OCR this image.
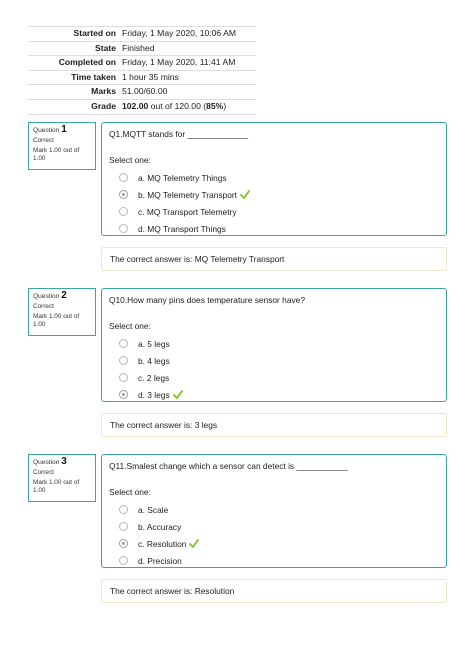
Started on Friday, 1 May 2020, 10:06 AM
State Finished
Completed on Friday, 1 May 2020, 11:41 AM
Time taken 1 hour 35 mins
Marks 51.00/60.00
Grade 102.00 out of 120.00 (85%)
Question 1
Correct
Mark 1.00 out of 1.00
Q1.MQTT stands for _____________
Select one:
a. MQ Telemetry Things
b. MQ Telemetry Transport
c. MQ Transport Telemetry
d. MQ Transport Things
The correct answer is: MQ Telemetry Transport
Question 2
Correct
Mark 1.00 out of 1.00
Q10.How many pins does temperature sensor have?
Select one:
a. 5 legs
b. 4 legs
c. 2 legs
d. 3 legs
The correct answer is: 3 legs
Question 3
Correct
Mark 1.00 out of 1.00
Q11.Smalest change which a sensor can detect is ___________
Select one:
a. Scale
b. Accuracy
c. Resolution
d. Precision
The correct answer is: Resolution
